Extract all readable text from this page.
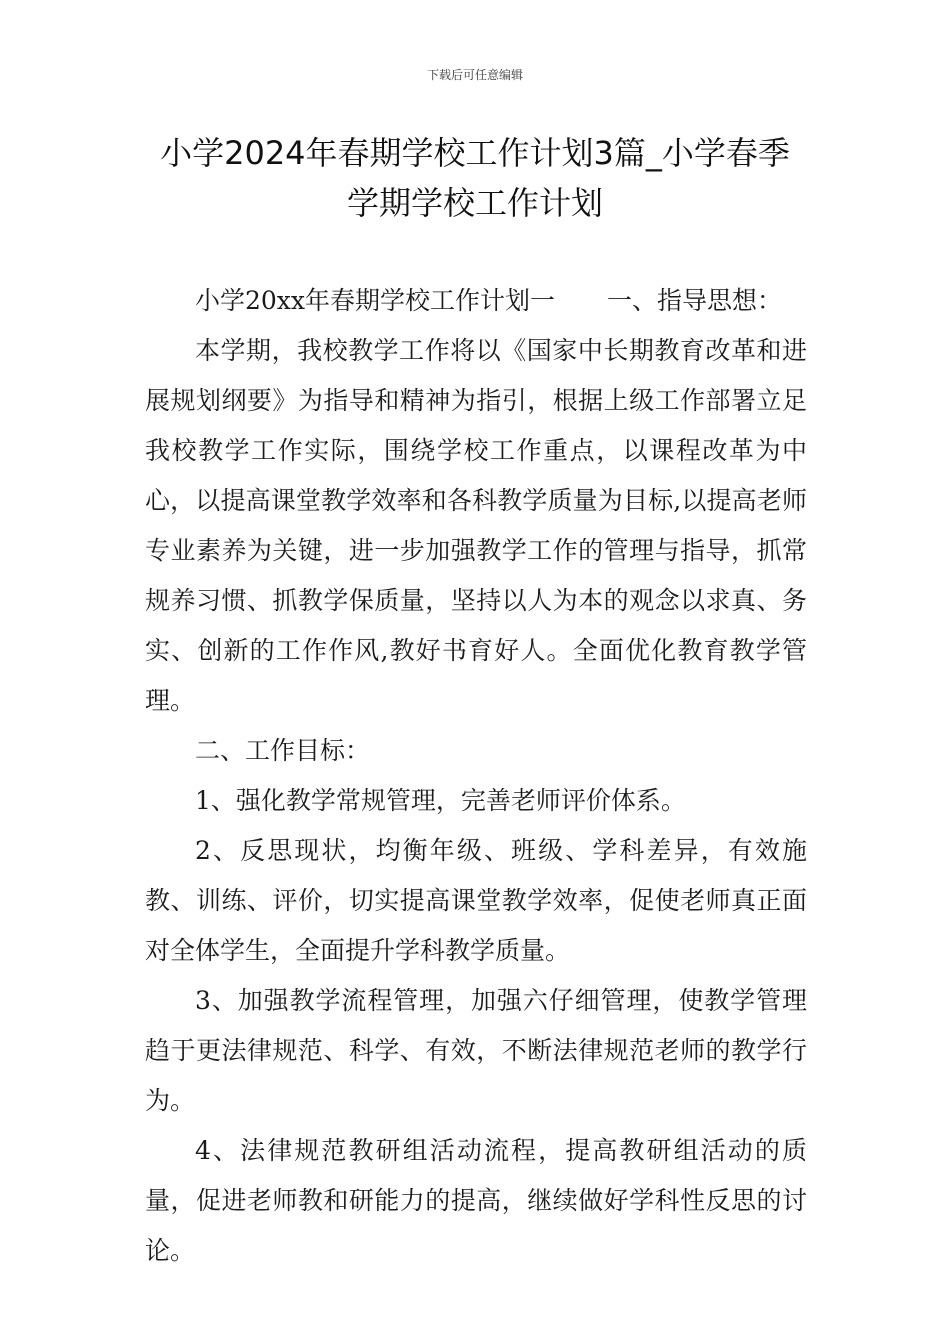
下载后可任意编辑
小学2024年春期学校工作计划3篇_小学春季学期学校工作计划

小学20xx年春期学校工作计划一 一、指导思想：

本学期，我校教学工作将以《国家中长期教育改革和进展规划纲要》为指导和精神为指引，根据上级工作部署立足我校教学工作实际，围绕学校工作重点，以课程改革为中心，以提高课堂教学效率和各科教学质量为目标,以提高老师专业素养为关键，进一步加强教学工作的管理与指导，抓常规养习惯、抓教学保质量，坚持以人为本的观念以求真、务实、创新的工作作风,教好书育好人。全面优化教育教学管理。

二、工作目标：

1、强化教学常规管理，完善老师评价体系。

2、反思现状，均衡年级、班级、学科差异，有效施教、训练、评价，切实提高课堂教学效率，促使老师真正面对全体学生，全面提升学科教学质量。

3、加强教学流程管理，加强六仔细管理，使教学管理趋于更法律规范、科学、有效，不断法律规范老师的教学行为。

4、法律规范教研组活动流程，提高教研组活动的质量，促进老师教和研能力的提高，继续做好学科性反思的讨论。
